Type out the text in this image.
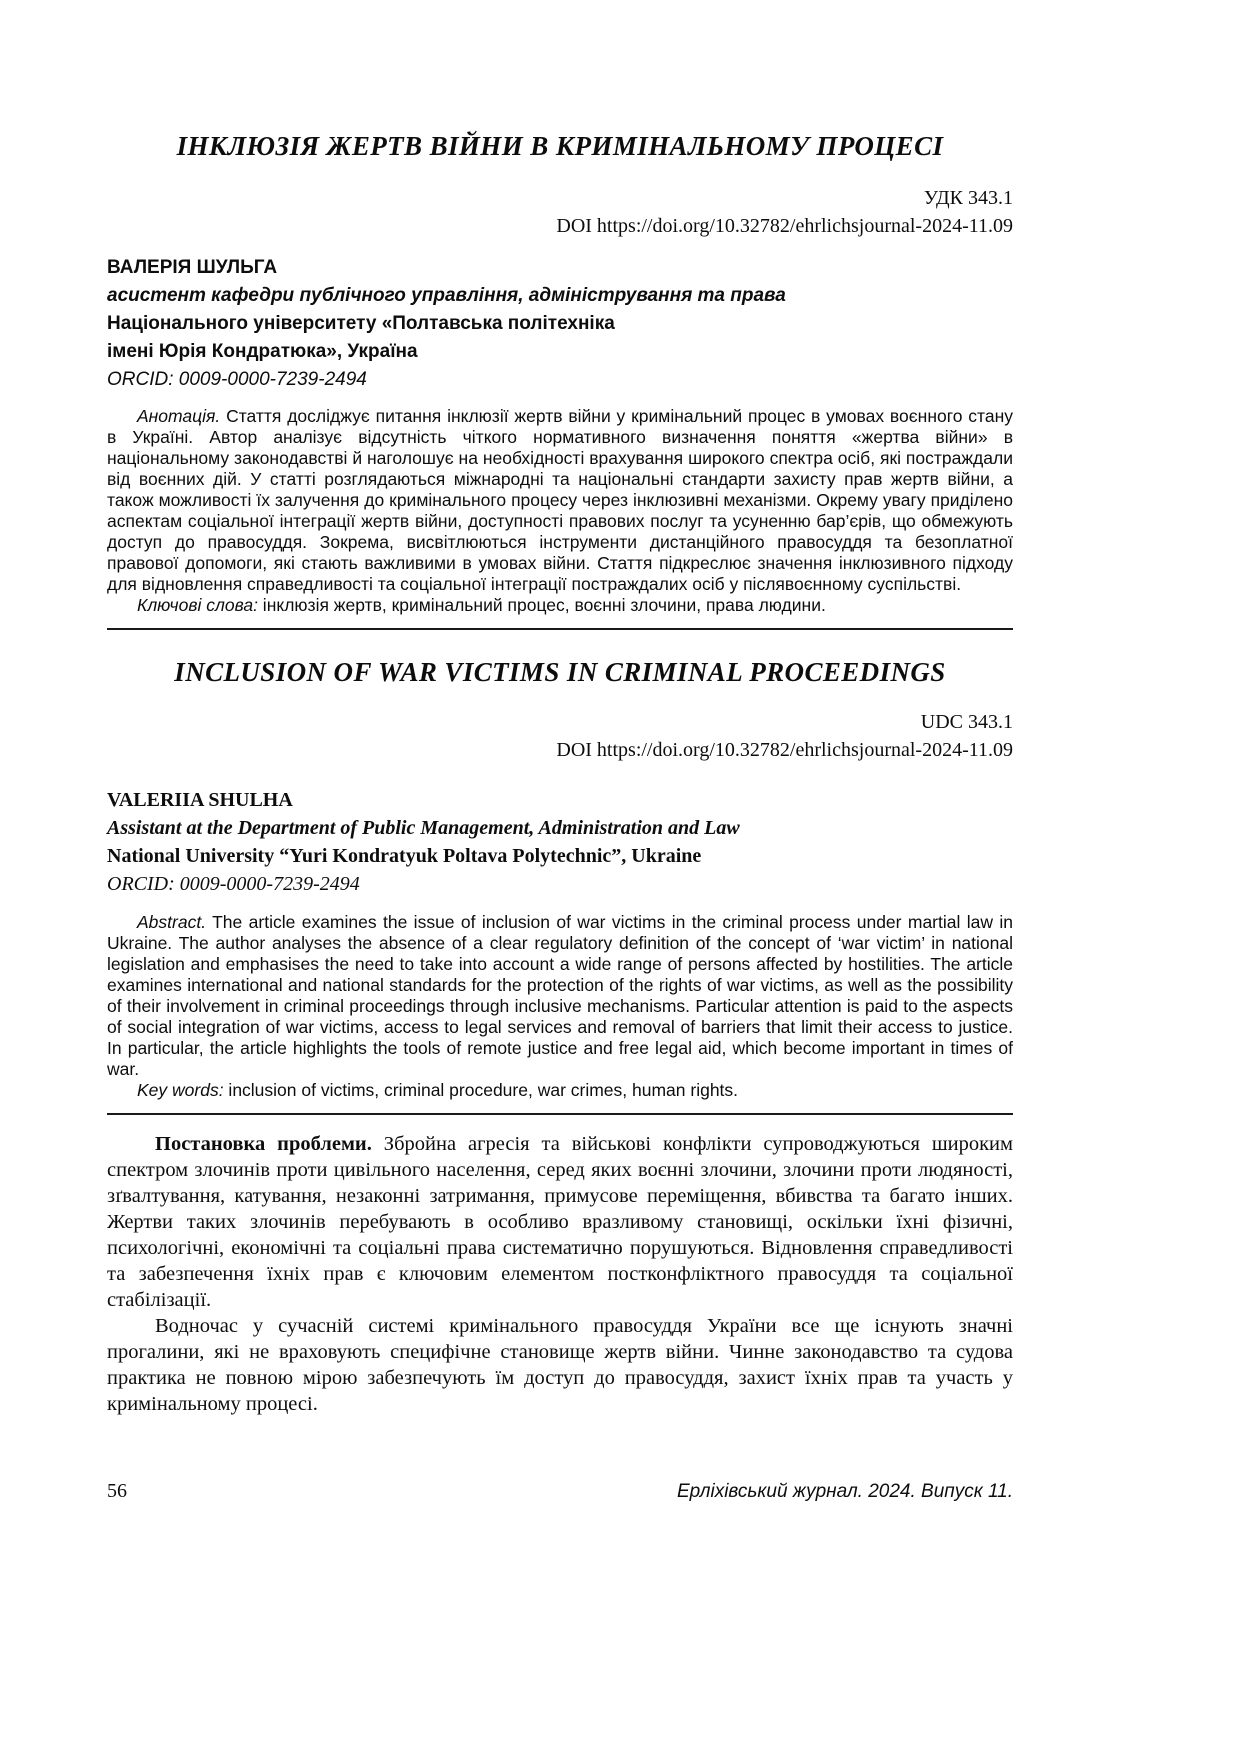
ІНКЛЮЗІЯ ЖЕРТВ ВІЙНИ В КРИМІНАЛЬНОМУ ПРОЦЕСІ
УДК 343.1
DOI https://doi.org/10.32782/ehrlichsjournal-2024-11.09
ВАЛЕРІЯ ШУЛЬГА
асистент кафедри публічного управління, адміністрування та права
Національного університету «Полтавська політехніка
імені Юрія Кондратюка», Україна
ORCID: 0009-0000-7239-2494

Анотація. Стаття досліджує питання інклюзії жертв війни у кримінальний процес в умовах воєнного стану в Україні. Автор аналізує відсутність чіткого нормативного визначення поняття «жертва війни» в національному законодавстві й наголошує на необхідності врахування широкого спектра осіб, які постраждали від воєнних дій. У статті розглядаються міжнародні та національні стандарти захисту прав жертв війни, а також можливості їх залучення до кримінального процесу через інклюзивні механізми. Окрему увагу приділено аспектам соціальної інтеграції жертв війни, доступності правових послуг та усуненню бар’єрів, що обмежують доступ до правосуддя. Зокрема, висвітлюються інструменти дистанційного правосуддя та безоплатної правової допомоги, які стають важливими в умовах війни. Стаття підкреслює значення інклюзивного підходу для відновлення справедливості та соціальної інтеграції постраждалих осіб у післявоєнному суспільстві.

Ключові слова: інклюзія жертв, кримінальний процес, воєнні злочини, права людини.

INCLUSION OF WAR VICTIMS IN CRIMINAL PROCEEDINGS
UDC 343.1
DOI https://doi.org/10.32782/ehrlichsjournal-2024-11.09
VALERIIA SHULHA
Assistant at the Department of Public Management, Administration and Law
National University “Yuri Kondratyuk Poltava Polytechnic”, Ukraine
ORCID: 0009-0000-7239-2494

Abstract. The article examines the issue of inclusion of war victims in the criminal process under martial law in Ukraine. The author analyses the absence of a clear regulatory definition of the concept of ‘war victim’ in national legislation and emphasises the need to take into account a wide range of persons affected by hostilities. The article examines international and national standards for the protection of the rights of war victims, as well as the possibility of their involvement in criminal proceedings through inclusive mechanisms. Particular attention is paid to the aspects of social integration of war victims, access to legal services and removal of barriers that limit their access to justice. In particular, the article highlights the tools of remote justice and free legal aid, which become important in times of war.

Key words: inclusion of victims, criminal procedure, war crimes, human rights.

Постановка проблеми. Збройна агресія та військові конфлікти супроводжуються широким спектром злочинів проти цивільного населення, серед яких воєнні злочини, злочини проти людяності, зґвалтування, катування, незаконні затримання, примусове переміщення, вбивства та багато інших. Жертви таких злочинів перебувають в особливо вразливому становищі, оскільки їхні фізичні, психологічні, економічні та соціальні права систематично порушуються. Відновлення справедливості та забезпечення їхніх прав є ключовим елементом постконфліктного правосуддя та соціальної стабілізації.

Водночас у сучасній системі кримінального правосуддя України все ще існують значні прогалини, які не враховують специфічне становище жертв війни. Чинне законодавство та судова практика не повною мірою забезпечують їм доступ до правосуддя, захист їхніх прав та участь у кримінальному процесі.

56	Ерліхівський журнал. 2024. Випуск 11.
